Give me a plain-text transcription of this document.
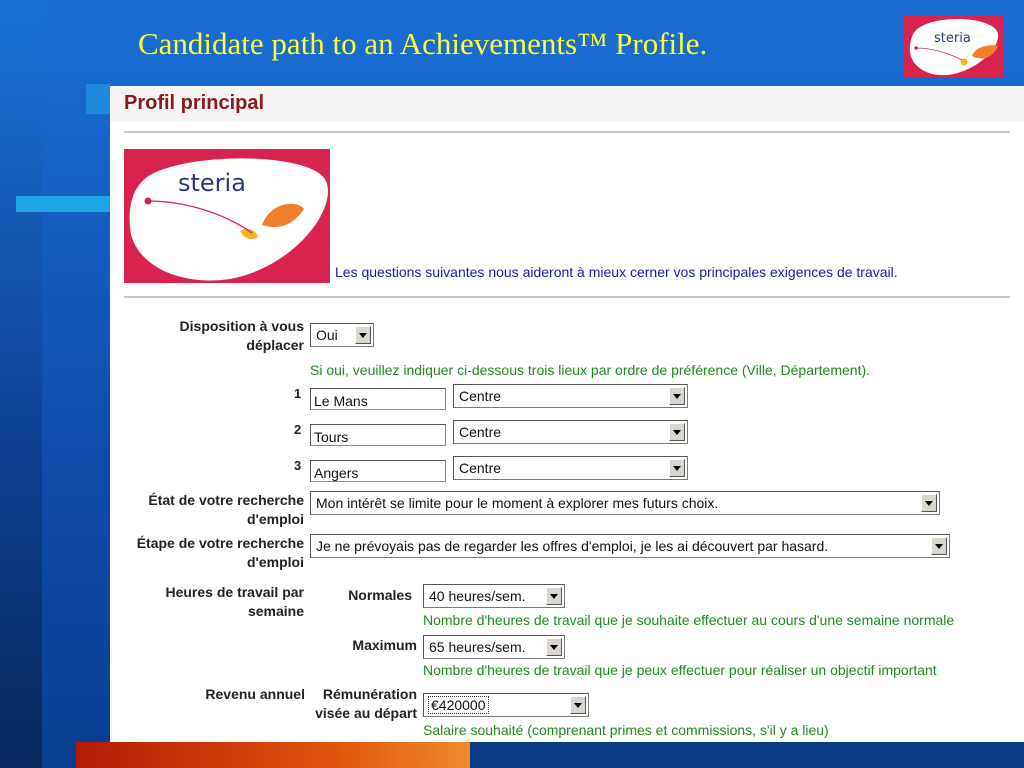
Candidate path to an Achievements™ Profile.	steria
Profil principal
steria
Les questions suivantes nous aideront à mieux cerner vos principales exigences de travail.
Disposition à vous déplacer
Oui
Si oui, veuillez indiquer ci-dessous trois lieux par ordre de préférence (Ville, Département).
1 Le Mans	Centre
2 Tours	Centre
3 Angers	Centre
État de votre recherche d'emploi
Mon intérêt se limite pour le moment à explorer mes futurs choix.
Étape de votre recherche d'emploi
Je ne prévoyais pas de regarder les offres d'emploi, je les ai découvert par hasard.
Heures de travail par semaine
Normales 40 heures/sem.
Nombre d'heures de travail que je souhaite effectuer au cours d'une semaine normale
Maximum 65 heures/sem.
Nombre d'heures de travail que je peux effectuer pour réaliser un objectif important
Revenu annuel	Rémunération visée au départ €420000
Salaire souhaité (comprenant primes et commissions, s'il y a lieu)
